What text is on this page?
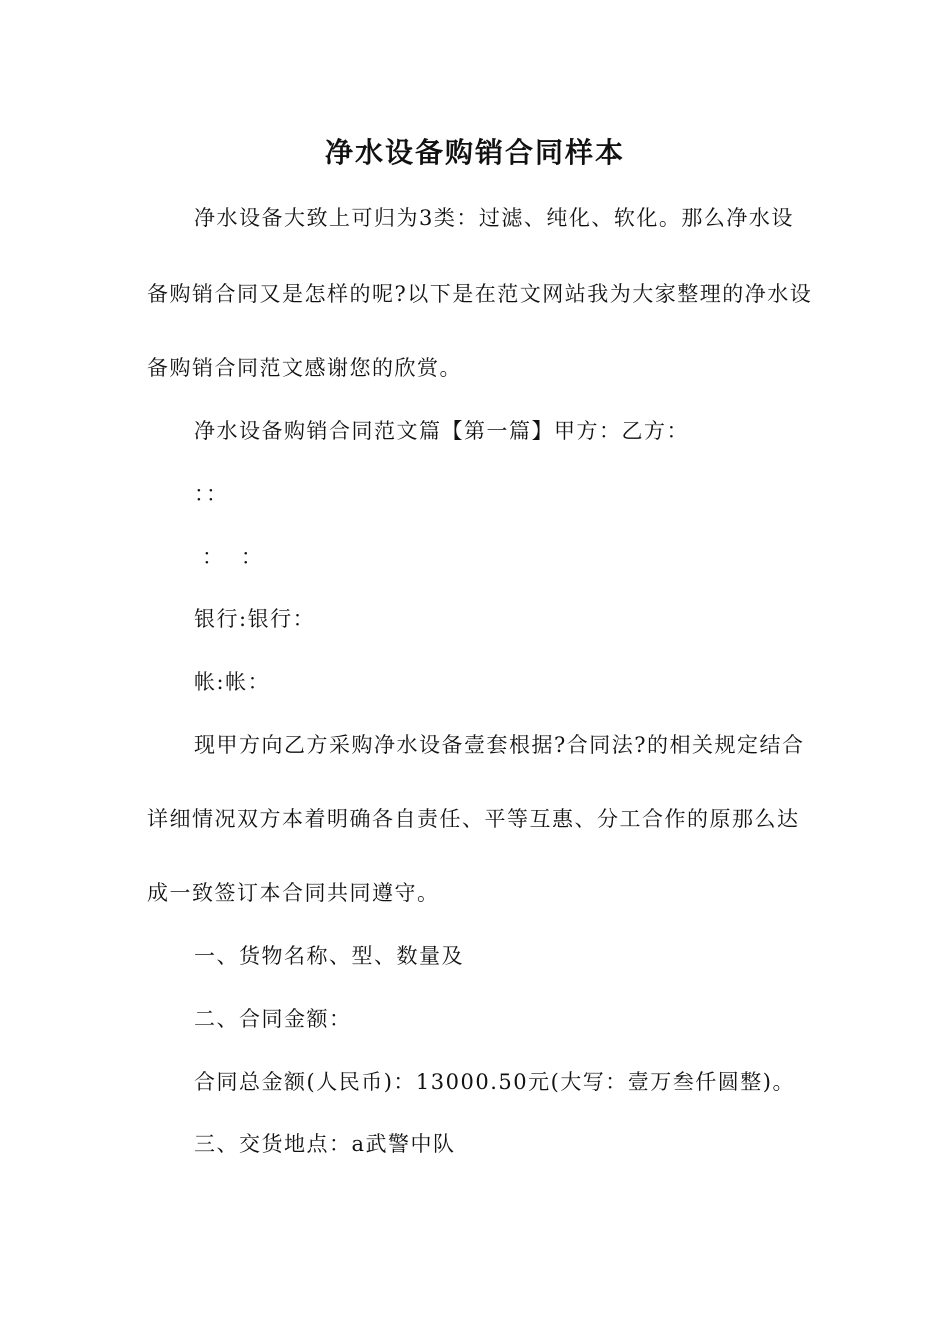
净水设备购销合同样本

净水设备大致上可归为3类：过滤、纯化、软化。那么净水设

备购销合同又是怎样的呢?以下是在范文网站我为大家整理的净水设

备购销合同范文感谢您的欣赏。

净水设备购销合同范文篇【第一篇】甲方：乙方：

：：

：  ：

银行:银行：

帐:帐：

现甲方向乙方采购净水设备壹套根据?合同法?的相关规定结合

详细情况双方本着明确各自责任、平等互惠、分工合作的原那么达

成一致签订本合同共同遵守。

一、货物名称、型、数量及

二、合同金额：

合同总金额(人民币)：13000.50元(大写：壹万叁仟圆整)。

三、交货地点：a武警中队
